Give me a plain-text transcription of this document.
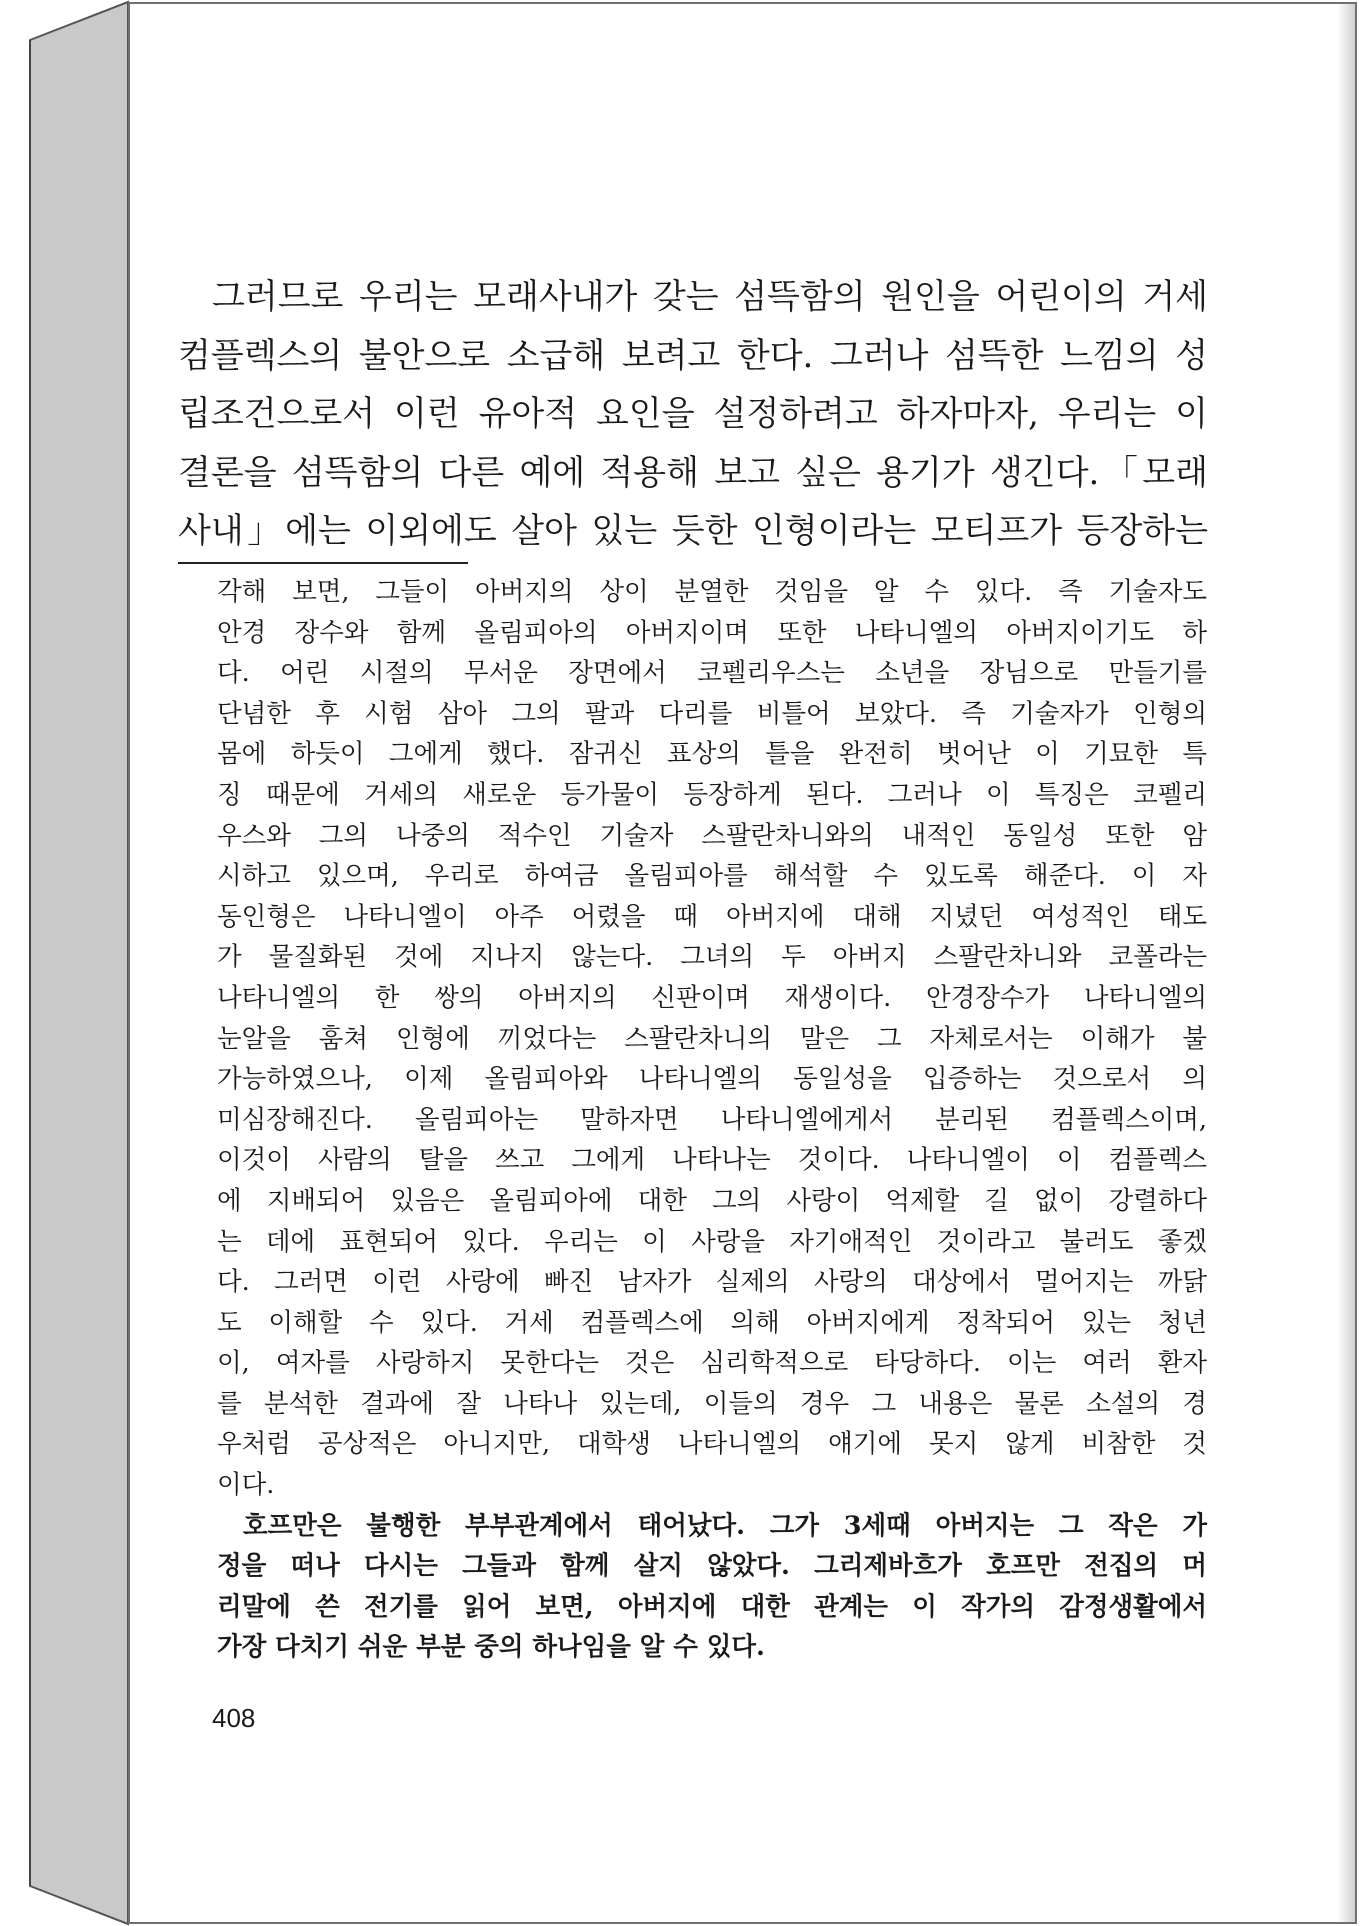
그러므로 우리는 모래사내가 갖는 섬뜩함의 원인을 어린이의 거세
컴플렉스의 불안으로 소급해 보려고 한다. 그러나 섬뜩한 느낌의 성
립조건으로서 이런 유아적 요인을 설정하려고 하자마자, 우리는 이
결론을 섬뜩함의 다른 예에 적용해 보고 싶은 용기가 생긴다.「모래
사내」에는 이외에도 살아 있는 듯한 인형이라는 모티프가 등장하는
각해 보면, 그들이 아버지의 상이 분열한 것임을 알 수 있다. 즉 기술자도
안경 장수와 함께 올림피아의 아버지이며 또한 나타니엘의 아버지이기도 하
다. 어린 시절의 무서운 장면에서 코펠리우스는 소년을 장님으로 만들기를
단념한 후 시험 삼아 그의 팔과 다리를 비틀어 보았다. 즉 기술자가 인형의
몸에 하듯이 그에게 했다. 잠귀신 표상의 틀을 완전히 벗어난 이 기묘한 특
징 때문에 거세의 새로운 등가물이 등장하게 된다. 그러나 이 특징은 코펠리
우스와 그의 나중의 적수인 기술자 스팔란차니와의 내적인 동일성 또한 암
시하고 있으며, 우리로 하여금 올림피아를 해석할 수 있도록 해준다. 이 자
동인형은 나타니엘이 아주 어렸을 때 아버지에 대해 지녔던 여성적인 태도
가 물질화된 것에 지나지 않는다. 그녀의 두 아버지 스팔란차니와 코폴라는
나타니엘의 한 쌍의 아버지의 신판이며 재생이다. 안경장수가 나타니엘의
눈알을 훔쳐 인형에 끼었다는 스팔란차니의 말은 그 자체로서는 이해가 불
가능하였으나, 이제 올림피아와 나타니엘의 동일성을 입증하는 것으로서 의
미심장해진다. 올림피아는 말하자면 나타니엘에게서 분리된 컴플렉스이며,
이것이 사람의 탈을 쓰고 그에게 나타나는 것이다. 나타니엘이 이 컴플렉스
에 지배되어 있음은 올림피아에 대한 그의 사랑이 억제할 길 없이 강렬하다
는 데에 표현되어 있다. 우리는 이 사랑을 자기애적인 것이라고 불러도 좋겠
다. 그러면 이런 사랑에 빠진 남자가 실제의 사랑의 대상에서 멀어지는 까닭
도 이해할 수 있다. 거세 컴플렉스에 의해 아버지에게 정착되어 있는 청년
이, 여자를 사랑하지 못한다는 것은 심리학적으로 타당하다. 이는 여러 환자
를 분석한 결과에 잘 나타나 있는데, 이들의 경우 그 내용은 물론 소설의 경
우처럼 공상적은 아니지만, 대학생 나타니엘의 얘기에 못지 않게 비참한 것
이다.
호프만은 불행한 부부관계에서 태어났다. 그가 3세때 아버지는 그 작은 가
정을 떠나 다시는 그들과 함께 살지 않았다. 그리제바흐가 호프만 전집의 머
리말에 쓴 전기를 읽어 보면, 아버지에 대한 관계는 이 작가의 감정생활에서
가장 다치기 쉬운 부분 중의 하나임을 알 수 있다.
408
